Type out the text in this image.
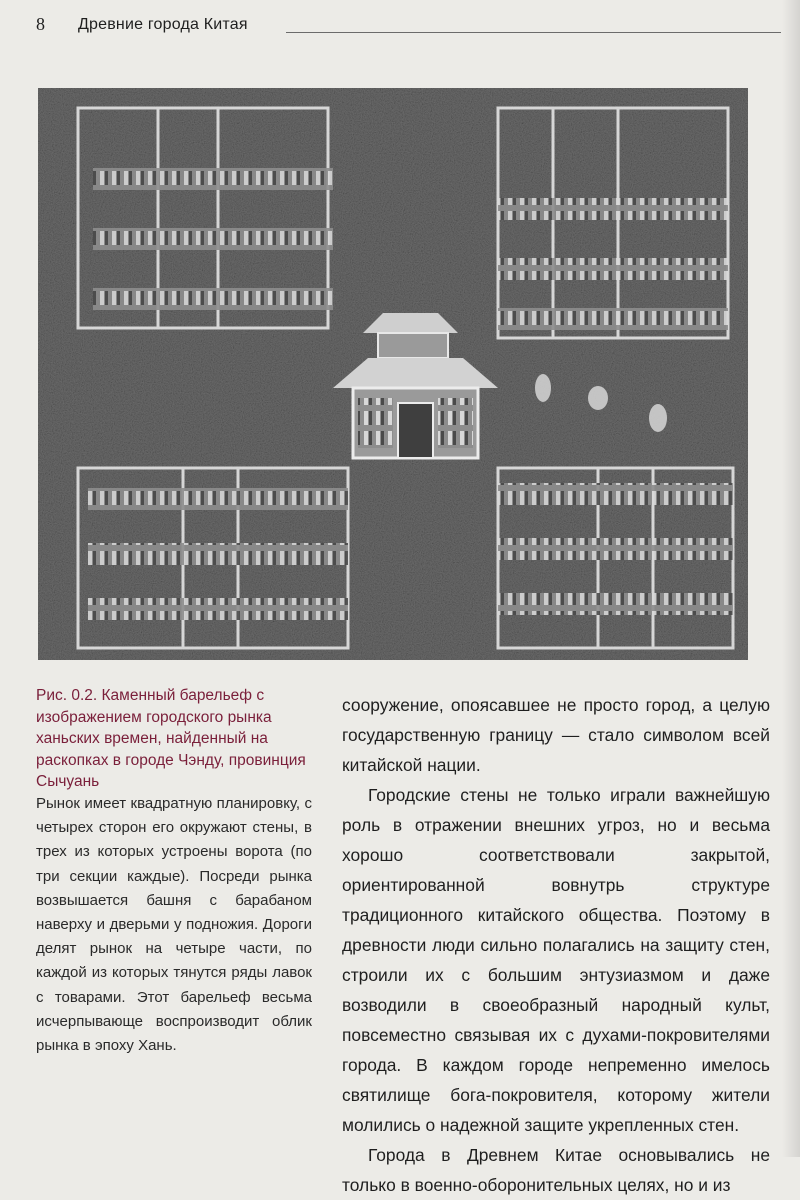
8 Древние города Китая
Рис. 0.2. Каменный барельеф с изображением городского рынка ханьских времен, найденный на раскопках в городе Чэнду, провинция Сычуань
Рынок имеет квадратную планировку, с четырех сторон его окружают стены, в трех из которых устроены ворота (по три секции каждые). Посреди рынка возвышается башня с барабаном наверху и дверьми у подножия. Дороги делят рынок на четыре части, по каждой из которых тянутся ряды лавок с товарами. Этот барельеф весьма исчерпывающе воспроизводит облик рынка в эпоху Хань.

сооружение, опоясавшее не просто город, а целую государственную границу — стало символом всей китайской нации.

Городские стены не только играли важнейшую роль в отражении внешних угроз, но и весьма хорошо соответствовали закрытой, ориентированной вовнутрь структуре традиционного китайского общества. Поэтому в древности люди сильно полагались на защиту стен, строили их с большим энтузиазмом и даже возводили в своеобразный народный культ, повсеместно связывая их с духами-покровителями города. В каждом городе непременно имелось святилище бога-покровителя, которому жители молились о надежной защите укрепленных стен.

Города в Древнем Китае основывались не только в военно-оборонительных целях, но и из
